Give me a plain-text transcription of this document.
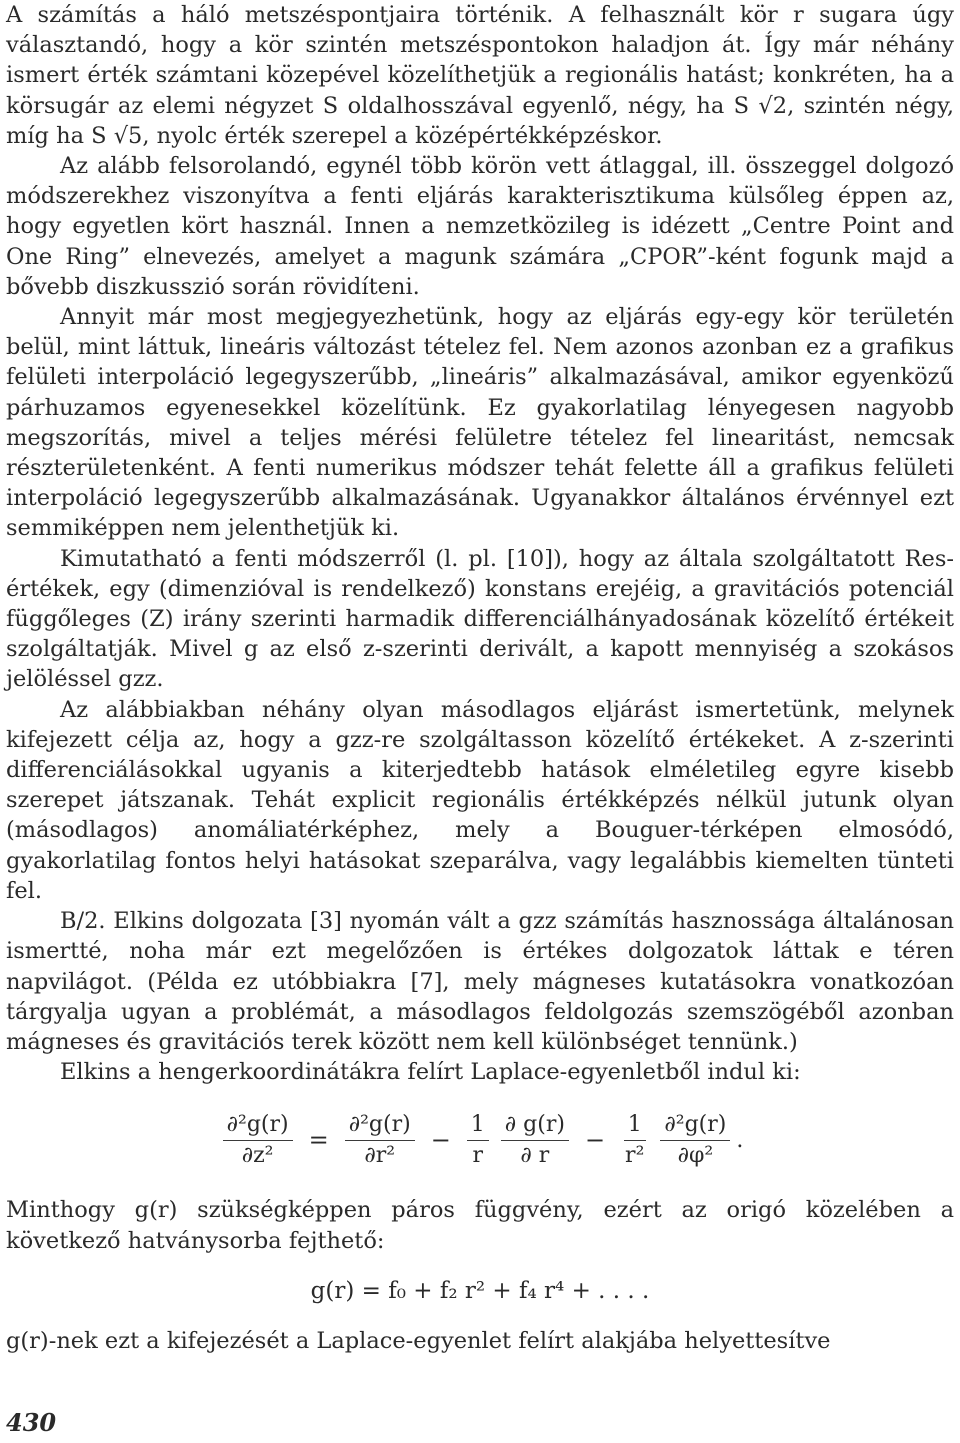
A számítás a háló metszéspontjaira történik. A felhasznált kör r sugara úgy választandó, hogy a kör szintén metszéspontokon haladjon át. Így már néhány ismert érték számtani közepével közelíthetjük a regionális hatást; konkréten, ha a körsugár az elemi négyzet S oldalhosszával egyenlő, négy, ha S √2, szintén négy, míg ha S √5, nyolc érték szerepel a középértékképzéskor.

Az alább felsorolandó, egynél több körön vett átlaggal, ill. összeggel dolgozó módszerekhez viszonyítva a fenti eljárás karakterisztikuma külsőleg éppen az, hogy egyetlen kört használ. Innen a nemzetközileg is idézett „Centre Point and One Ring” elnevezés, amelyet a magunk számára „CPOR”-ként fogunk majd a bővebb diszkusszió során rövidíteni.

Annyit már most megjegyezhetünk, hogy az eljárás egy-egy kör területén belül, mint láttuk, lineáris változást tételez fel. Nem azonos azonban ez a grafikus felületi interpoláció legegyszerűbb, „lineáris” alkalmazásával, amikor egyenközű párhuzamos egyenesekkel közelítünk. Ez gyakorlatilag lényegesen nagyobb megszorítás, mivel a teljes mérési felületre tételez fel linearitást, nemcsak részterületenként. A fenti numerikus módszer tehát felette áll a grafikus felületi interpoláció legegyszerűbb alkalmazásának. Ugyanakkor általános érvénnyel ezt semmiképpen nem jelenthetjük ki.

Kimutatható a fenti módszerről (l. pl. [10]), hogy az általa szolgáltatott Res-értékek, egy (dimenzióval is rendelkező) konstans erejéig, a gravitációs potenciál függőleges (Z) irány szerinti harmadik differenciálhányadosának közelítő értékeit szolgáltatják. Mivel g az első z-szerinti derivált, a kapott mennyiség a szokásos jelöléssel gzz.

Az alábbiakban néhány olyan másodlagos eljárást ismertetünk, melynek kifejezett célja az, hogy a gzz-re szolgáltasson közelítő értékeket. A z-szerinti differenciálásokkal ugyanis a kiterjedtebb hatások elméletileg egyre kisebb szerepet játszanak. Tehát explicit regionális értékképzés nélkül jutunk olyan (másodlagos) anomáliatérképhez, mely a Bouguer-térképen elmosódó, gyakorlatilag fontos helyi hatásokat szeparálva, vagy legalábbis kiemelten tünteti fel.

B/2. Elkins dolgozata [3] nyomán vált a gzz számítás hasznossága általánosan ismertté, noha már ezt megelőzően is értékes dolgozatok láttak e téren napvilágot. (Példa ez utóbbiakra [7], mely mágneses kutatásokra vonatkozóan tárgyalja ugyan a problémát, a másodlagos feldolgozás szemszögéből azonban mágneses és gravitációs terek között nem kell különbséget tennünk.)

Elkins a hengerkoordinátákra felírt Laplace-egyenletből indul ki:

$\frac{\text{∂²g(r)}}{\text{∂z²}} = \frac{\text{∂²g(r)}}{\text{∂r²}} - \frac{1}{r} \frac{\partial g(r)}{\partial r} - \frac{1}{\text{r²}} \frac{\text{∂²g(r)}}{\text{∂φ²}}$ .

Minthogy g(r) szükségképpen páros függvény, ezért az origó közelében a következő hatványsorba fejthető:

g(r) = f₀ + f₂ r² + f₄ r⁴ + . . . .

g(r)-nek ezt a kifejezését a Laplace-egyenlet felírt alakjába helyettesítve

430
